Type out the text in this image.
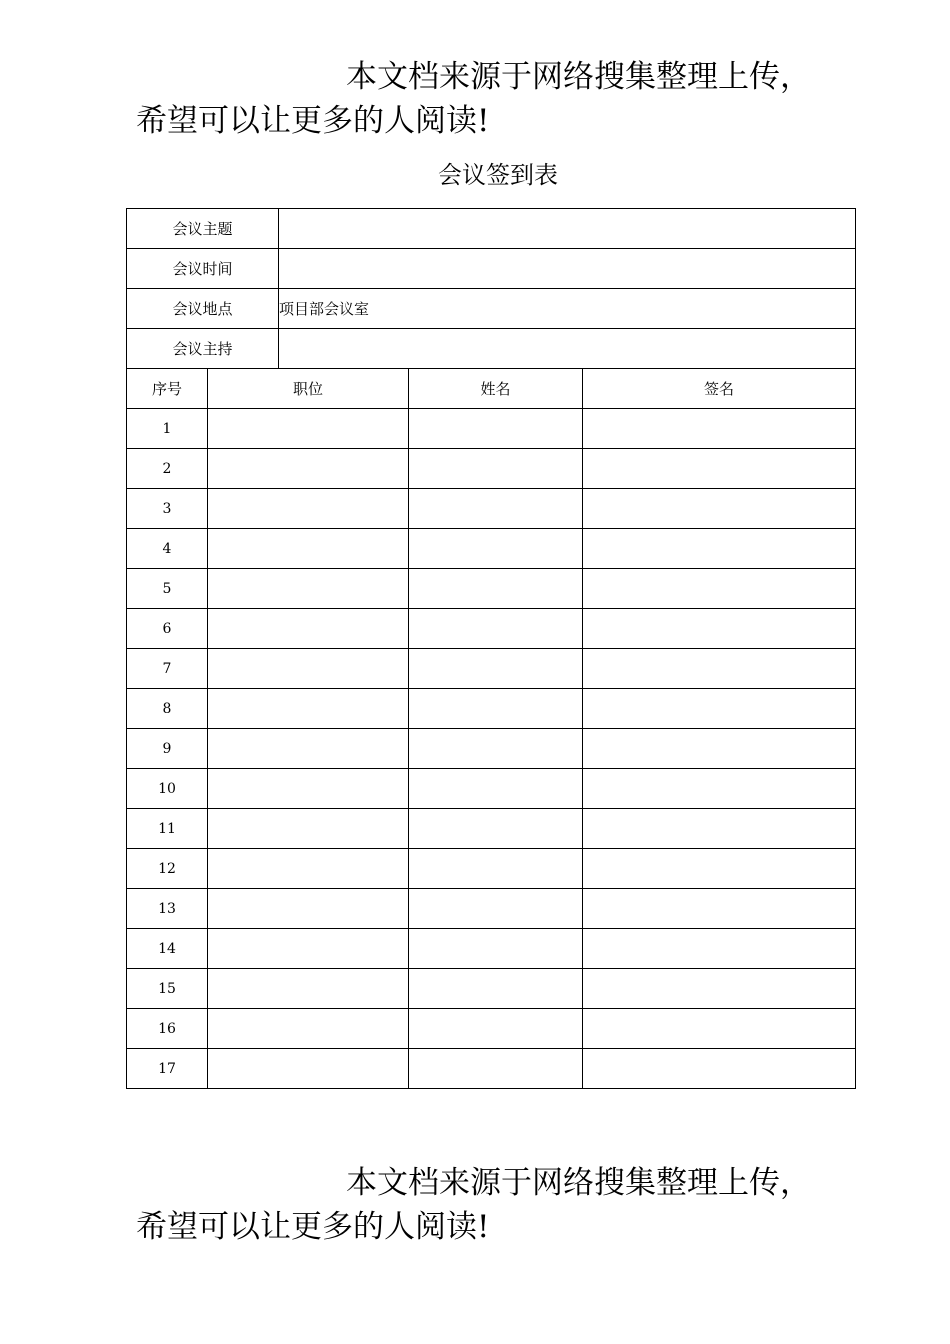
本文档来源于网络搜集整理上传，
希望可以让更多的人阅读!
会议签到表
会议主题				
会议时间				
会议地点		项目部会议室		
会议主持				
序号	职位		姓名	签名
1				
2				
3				
4				
5				
6				
7				
8				
9				
10				
11				
12				
13				
14				
15				
16				
17				
本文档来源于网络搜集整理上传，
希望可以让更多的人阅读!
